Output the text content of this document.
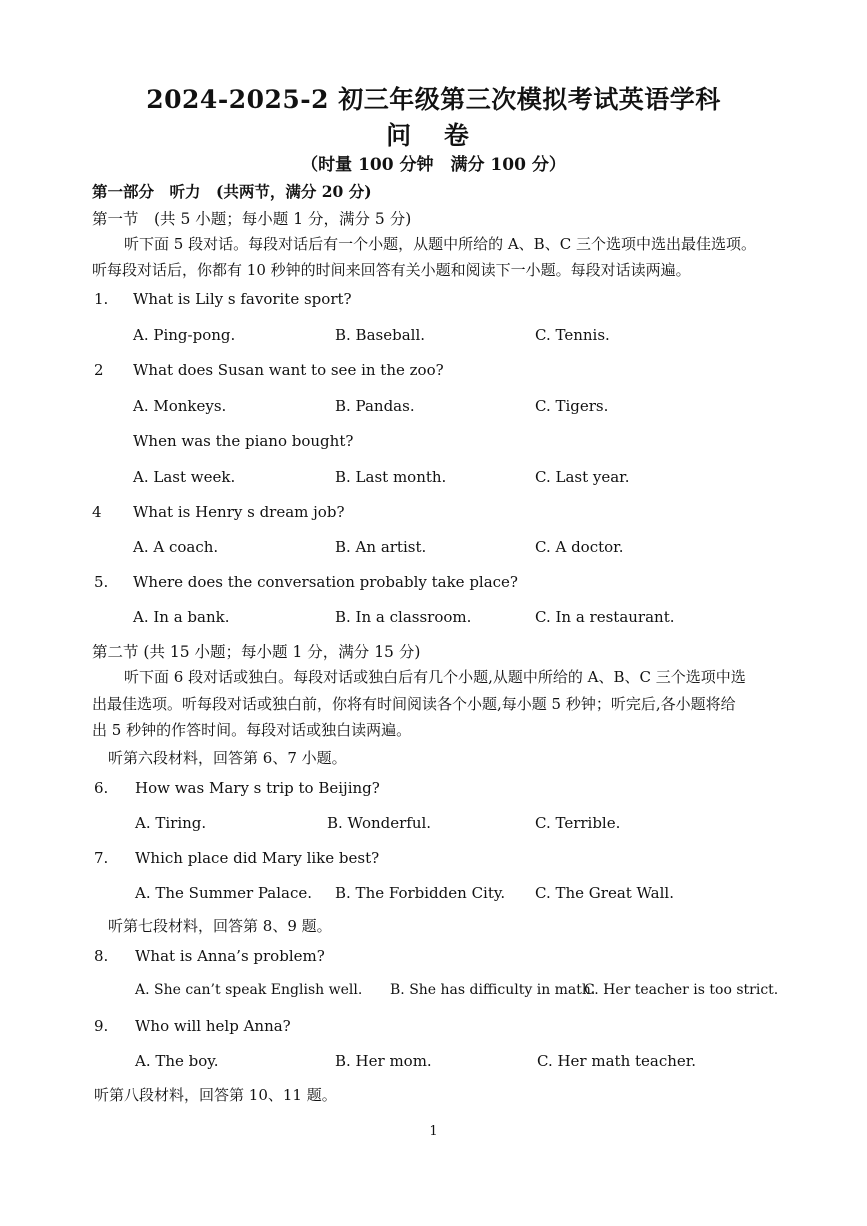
2024-2025-2 初三年级第三次模拟考试英语学科
问 卷
（时量 100 分钟　满分 100 分）
第一部分　听力　(共两节，满分 20 分)
第一节　(共 5 小题；每小题 1 分，满分 5 分)
听下面 5 段对话。每段对话后有一个小题，从题中所给的 A、B、C 三个选项中选出最佳选项。
听每段对话后，你都有 10 秒钟的时间来回答有关小题和阅读下一小题。每段对话读两遍。
1. What is Lily s favorite sport?
A. Ping-pong.	B. Baseball.	C. Tennis.
2 What does Susan want to see in the zoo?
A. Monkeys.	B. Pandas.	C. Tigers.
When was the piano bought?
A. Last week.	B. Last month.	C. Last year.
4 What is Henry s dream job?
A. A coach.	B. An artist.	C. A doctor.
5. Where does the conversation probably take place?
A. In a bank.	B. In a classroom.	C. In a restaurant.
第二节 (共 15 小题；每小题 1 分，满分 15 分)
听下面 6 段对话或独白。每段对话或独白后有几个小题,从题中所给的 A、B、C 三个选项中选
出最佳选项。听每段对话或独白前，你将有时间阅读各个小题,每小题 5 秒钟；听完后,各小题将给
出 5 秒钟的作答时间。每段对话或独白读两遍。
听第六段材料，回答第 6、7 小题。
6. How was Mary s trip to Beijing?
A. Tiring.	B. Wonderful.	C. Terrible.
7. Which place did Mary like best?
A. The Summer Palace. B. The Forbidden City. C. The Great Wall.
听第七段材料，回答第 8、9 题。
8. What is Anna’s problem?
A. She can’t speak English well. B. She has difficulty in math.
C. Her teacher is too strict.
9. Who will help Anna?
A. The boy.	B. Her mom.	C. Her math teacher.
听第八段材料，回答第 10、11 题。
1
